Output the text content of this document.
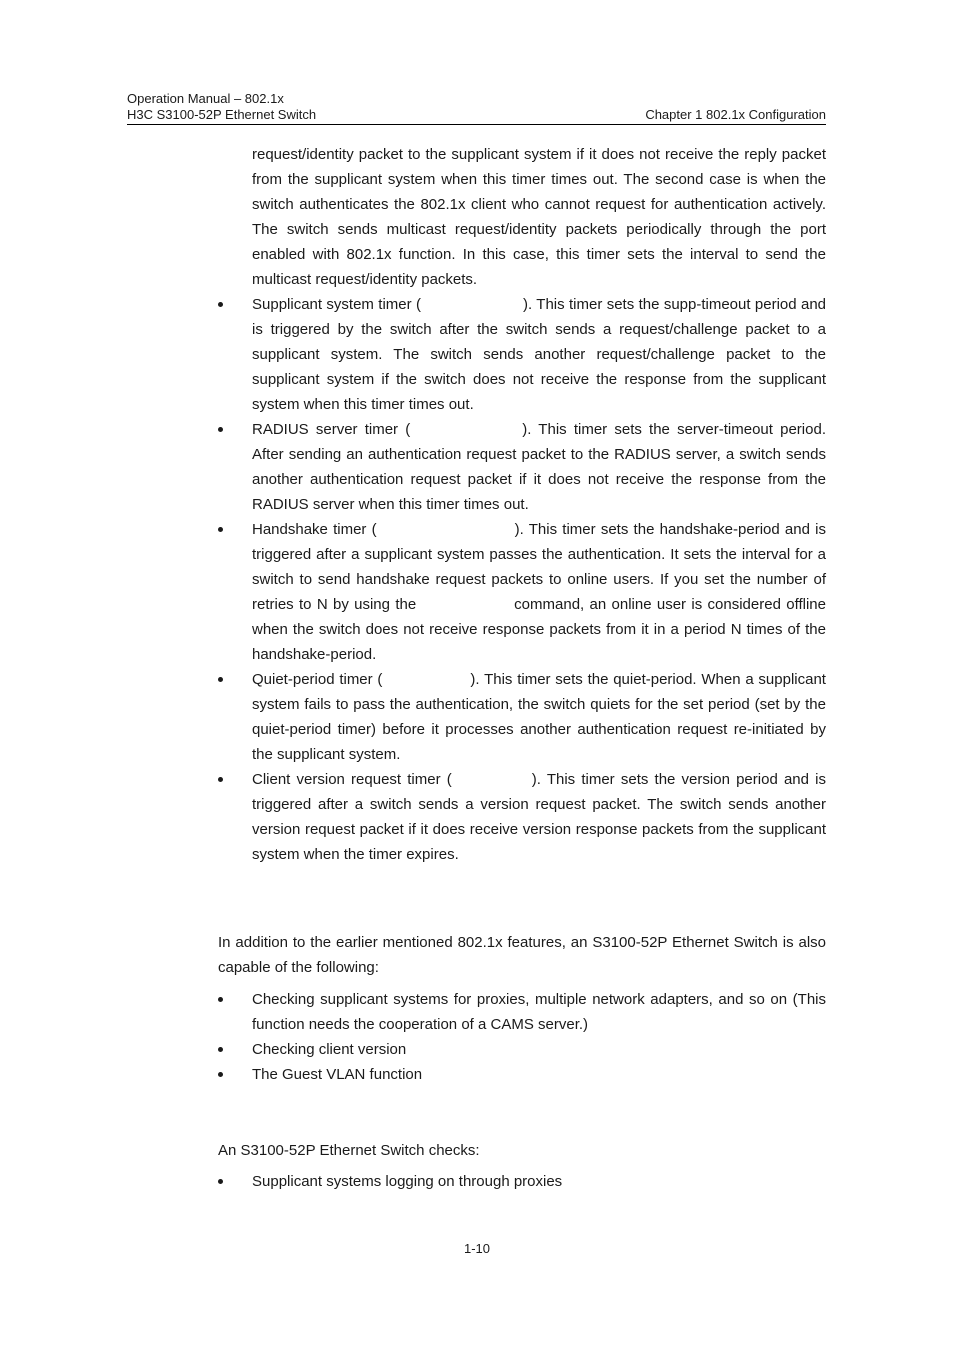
Operation Manual – 802.1x
H3C S3100-52P Ethernet Switch	Chapter 1 802.1x Configuration

request/identity packet to the supplicant system if it does not receive the reply packet from the supplicant system when this timer times out. The second case is when the switch authenticates the 802.1x client who cannot request for authentication actively. The switch sends multicast request/identity packets periodically through the port enabled with 802.1x function. In this case, this timer sets the interval to send the multicast request/identity packets.

Supplicant system timer (	). This timer sets the supp-timeout period and is triggered by the switch after the switch sends a request/challenge packet to a supplicant system. The switch sends another request/challenge packet to the supplicant system if the switch does not receive the response from the supplicant system when this timer times out.

RADIUS server timer (	). This timer sets the server-timeout period. After sending an authentication request packet to the RADIUS server, a switch sends another authentication request packet if it does not receive the response from the RADIUS server when this timer times out.

Handshake timer (	). This timer sets the handshake-period and is triggered after a supplicant system passes the authentication. It sets the interval for a switch to send handshake request packets to online users. If you set the number of retries to N by using the	command, an online user is considered offline when the switch does not receive response packets from it in a period N times of the handshake-period.

Quiet-period timer (	). This timer sets the quiet-period. When a supplicant system fails to pass the authentication, the switch quiets for the set period (set by the quiet-period timer) before it processes another authentication request re-initiated by the supplicant system.

Client version request timer (	). This timer sets the version period and is triggered after a switch sends a version request packet. The switch sends another version request packet if it does receive version response packets from the supplicant system when the timer expires.

In addition to the earlier mentioned 802.1x features, an S3100-52P Ethernet Switch is also capable of the following:

Checking supplicant systems for proxies, multiple network adapters, and so on (This function needs the cooperation of a CAMS server.)

Checking client version

The Guest VLAN function

An S3100-52P Ethernet Switch checks:

Supplicant systems logging on through proxies

1-10
